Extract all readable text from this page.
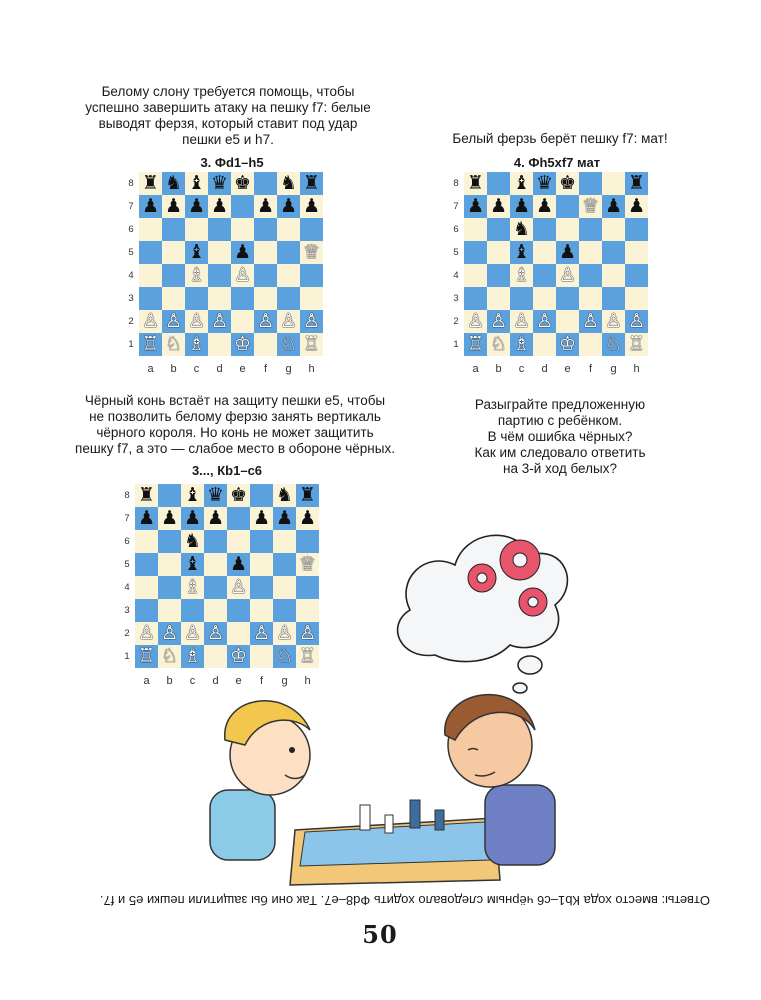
Белому слону требуется помощь, чтобы

успешно завершить атаку на пешку f7: белые

выводят ферзя, который ставит под удар

пешки e5 и h7.	Белый ферзь берёт пешку f7: мат!
3. Фd1–h5	4. Фh5xf7 мат
3..., Кb1–c6
8
7
6
5
4
3
2
1
♜ ♞ ♝ ♛ ♚ ♞ ♜
♟ ♟ ♟ ♟ ♟ ♟ ♟
♝ ♟	♕
♗ ♙
♙ ♙ ♙ ♙ ♙ ♙ ♙
♖ ♘ ♗ ♔ ♘ ♖
a	b	c	d	e	f	g	h
8
7
6
5
4
3
2
1
♜ ♝ ♛ ♚	♜
♟ ♟ ♟ ♟ ♕ ♟ ♟
♞
♝ ♟
♗ ♙
♙ ♙ ♙ ♙ ♙ ♙ ♙
♖ ♘ ♗ ♔ ♘ ♖
a	b	c	d	e	f	g	h
8
7
6
5
4
3
2
1
♜ ♝ ♛ ♚ ♞ ♜
♟ ♟ ♟ ♟ ♟ ♟ ♟
♞
♝ ♟	♕
♗ ♙
♙ ♙ ♙ ♙ ♙ ♙ ♙
♖ ♘ ♗ ♔ ♘ ♖
a	b	c	d	e	f	g	h

Чёрный конь встаёт на защиту пешки e5, чтобы

не позволить белому ферзю занять вертикаль

чёрного короля. Но конь не может защитить

пешку f7, а это — слабое место в обороне чёрных.

Разыграйте предложенную

партию с ребёнком.

В чём ошибка чёрных?

Как им следовало ответить

на 3-й ход белых?

Ответы: вместо хода Кb1–c6 чёрным следовало ходить Фd8–e7. Так они бы защитили пешки e5 и f7.
50
